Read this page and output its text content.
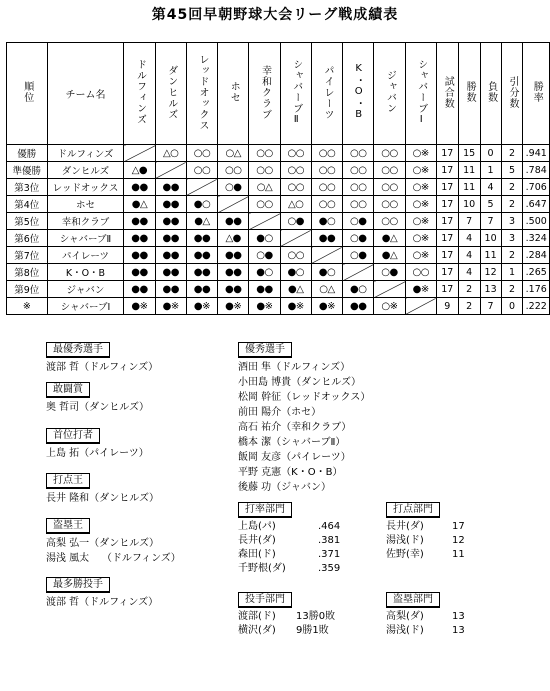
第45回早朝野球大会リーグ戦成績表
順位	チーム名	ドルフィンズ	ダンヒルズ	レッドオックス	ホセ	幸和クラブ	シャバーブⅡ	パイレーツ	K・O・B	ジャバン	シャバーブⅠ	試合数	勝数	負数	引分数	勝率
優勝	ドルフィンズ		△○	○○	○△	○○	○○	○○	○○	○○	○※	17	15	0	2	.941
準優勝	ダンヒルズ	△●		○○	○○	○○	○○	○○	○○	○○	○※	17	11	1	5	.784
第3位	レッドオックス	●●	●●		○●	○△	○○	○○	○○	○○	○※	17	11	4	2	.706
第4位	ホセ	●△	●●	●○		○○	△○	○○	○○	○○	○※	17	10	5	2	.647
第5位	幸和クラブ	●●	●●	●△	●●		○●	●○	○●	○○	○※	17	7	7	3	.500
第6位	シャバーブⅡ	●●	●●	●●	△●	●○		●●	○●	●△	○※	17	4	10	3	.324
第7位	パイレーツ	●●	●●	●●	●●	○●	○○		○●	●△	○※	17	4	11	2	.284
第8位	K・O・B	●●	●●	●●	●●	●○	●○	●○		○●	○○	17	4	12	1	.265
第9位	ジャバン	●●	●●	●●	●●	●●	●△	○△	●○		●※	17	2	13	2	.176
※	シャバーブⅠ	●※	●※	●※	●※	●※	●※	●※	●●	○※		9	2	7	0	.222
最優秀選手
渡部 哲（ドルフィンズ）
敢闘賞
奥 哲司（ダンヒルズ）
首位打者
上島 拓（パイレーツ）
打点王
長井 隆和（ダンヒルズ）
盗塁王
高梨 弘一（ダンヒルズ）
湯浅 風太    （ドルフィンズ）
最多勝投手
渡部 哲（ドルフィンズ）
優秀選手
酒田 隼（ドルフィンズ）
小田島 博貴（ダンヒルズ）
松岡 幹征（レッドオックス）
前田 陽介（ホセ）
高石 祐介（幸和クラブ）
橋本 潔（シャバーブⅡ）
飯岡 友彦（パイレーツ）
平野 克憲（K・O・B）
後藤 功（ジャバン）
打率部門
上島(パ)	.464
長井(ダ)	.381
森田(ド)	.371
千野根(ダ)	.359
打点部門
長井(ダ)	17
湯浅(ド)	12
佐野(幸)	11
投手部門
渡部(ド)	13勝0敗
横沢(ダ)	9勝1敗
盗塁部門
高梨(ダ)	13
湯浅(ド)	13
